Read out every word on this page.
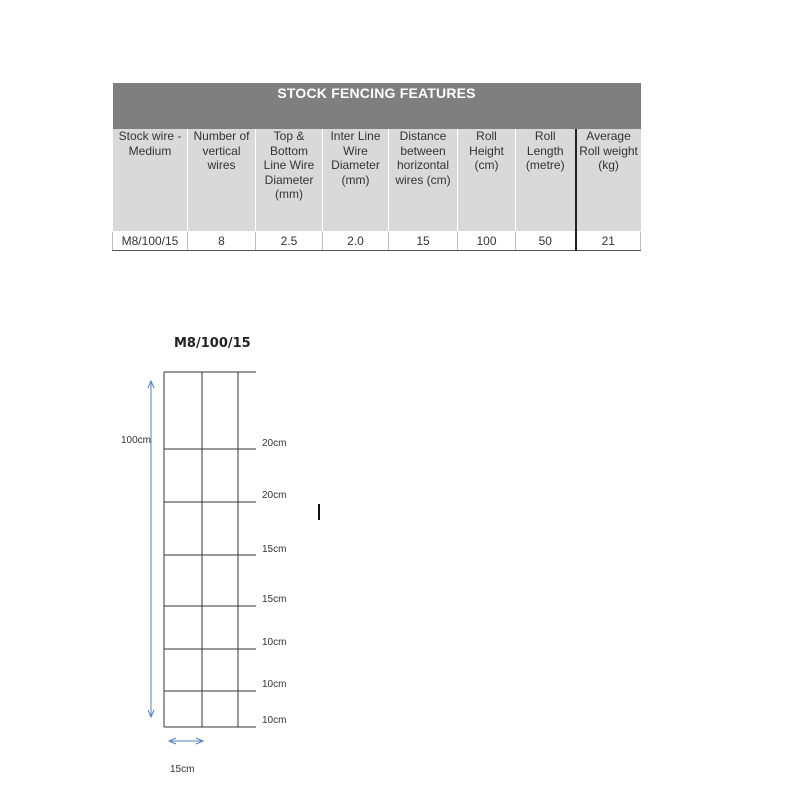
STOCK FENCING FEATURES							
Stock wire - Medium	Number of vertical wires	Top & Bottom Line Wire Diameter (mm)	Inter Line Wire Diameter (mm)	Distance between horizontal wires (cm)	Roll Height (cm)	Roll Length (metre)	Average Roll weight (kg)
M8/100/15	8	2.5	2.0	15	100	50	21
M8/100/15
100cm
15cm
20cm
20cm
15cm
15cm
10cm
10cm
10cm
